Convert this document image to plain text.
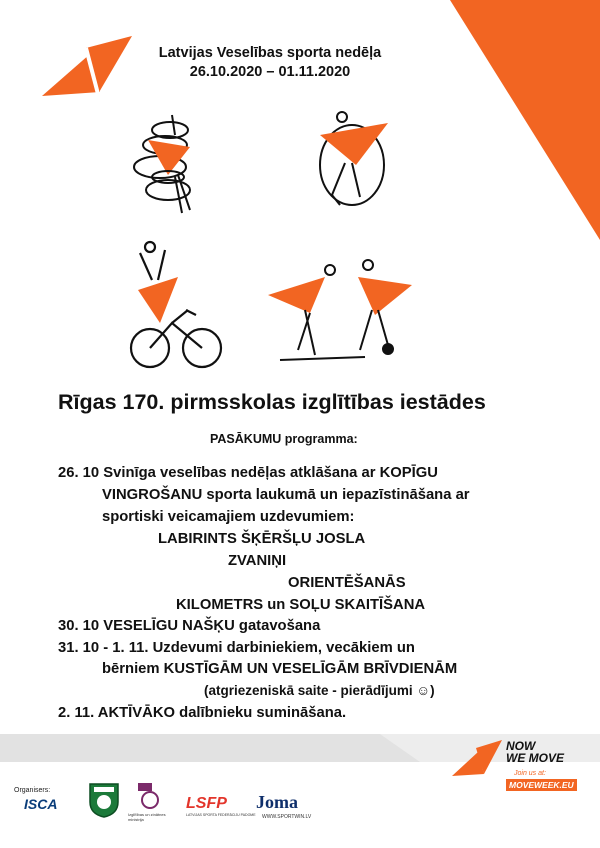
Latvijas Veselības sporta nedēļa
26.10.2020 – 01.11.2020
Rīgas 170. pirmsskolas izglītības iestādes
PASĀKUMU programma:
26. 10 Svinīga veselības nedēļas atklāšana ar KOPĪGU
VINGROŠANU sporta laukumā un iepazīstināšana ar
sportiski veicamajiem uzdevumiem:
LABIRINTS ŠĶĒRŠĻU JOSLA
ZVANIŅI
ORIENTĒŠANĀS
KILOMETRS un SOĻU SKAITĪŠANA
30. 10 VESELĪGU NAŠĶU gatavošana
31. 10 - 1. 11. Uzdevumi darbiniekiem, vecākiem un
bērniem KUSTĪGĀM UN VESELĪGĀM BRĪVDIENĀM
(atgriezeniskā saite - pierādījumi ☺)
2. 11. AKTĪVĀKO dalībnieku sumināšana.
NOW
WE MOVE
Join us at:
MOVEWEEK.EU
Organisers:
ISCA
Izglītības un zinātnes ministrija
LSFP
LATVIJAS SPORTA FEDERĀCIJU PADOME
Joma
WWW.SPORTWIN.LV
